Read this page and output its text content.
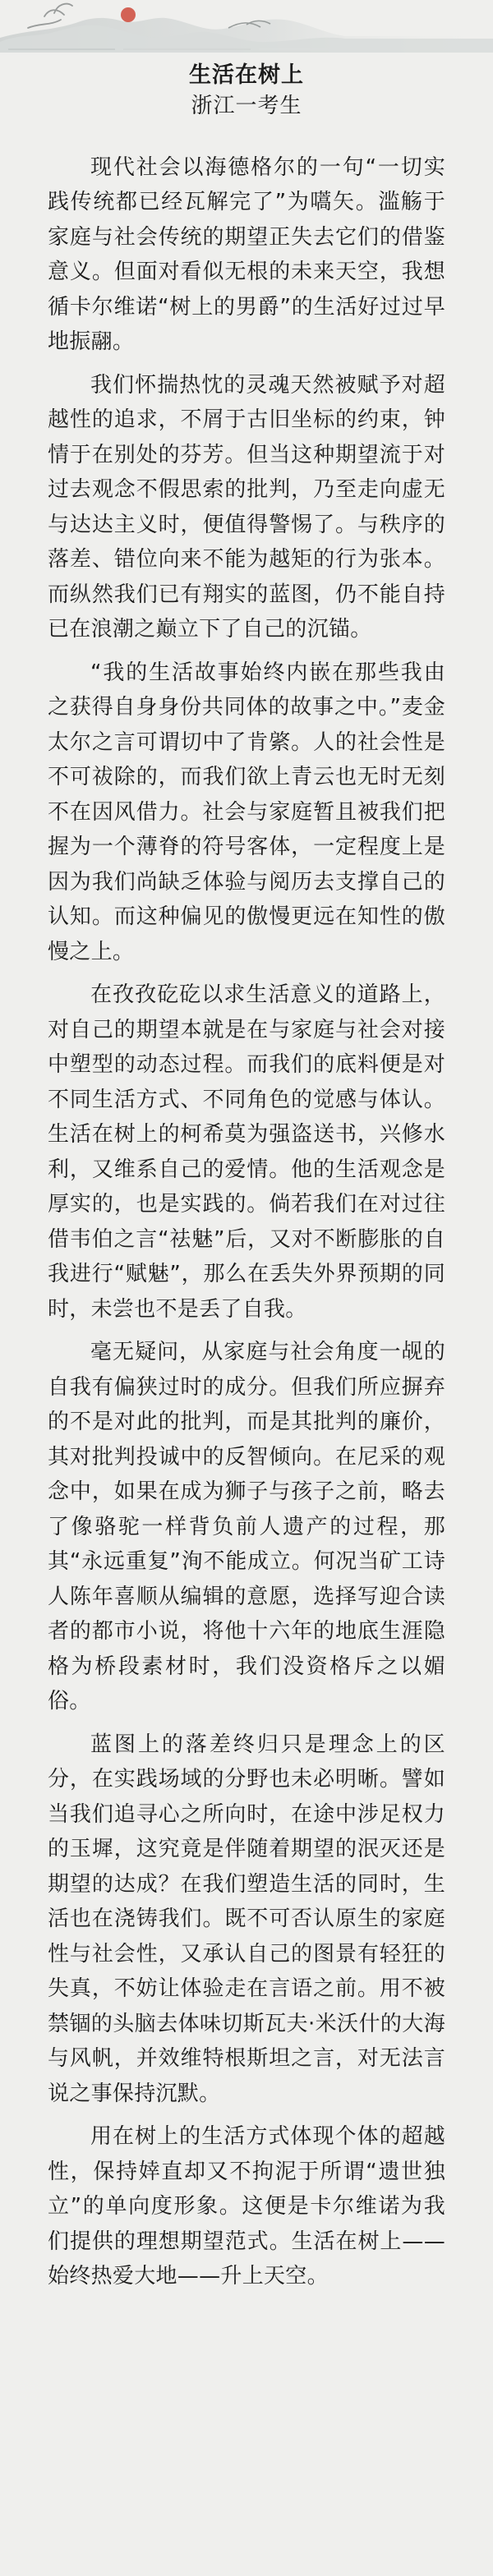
生活在树上
浙江一考生

现代社会以海德格尔的一句“一切实践传统都已经瓦解完了”为嚆矢。滥觞于家庭与社会传统的期望正失去它们的借鉴意义。但面对看似无根的未来天空，我想循卡尔维诺“树上的男爵”的生活好过过早地振翮。

我们怀揣热忱的灵魂天然被赋予对超越性的追求，不屑于古旧坐标的约束，钟情于在别处的芬芳。但当这种期望流于对过去观念不假思索的批判，乃至走向虚无与达达主义时，便值得警惕了。与秩序的落差、错位向来不能为越矩的行为张本。而纵然我们已有翔实的蓝图，仍不能自持已在浪潮之巅立下了自己的沉锚。

“我的生活故事始终内嵌在那些我由之获得自身身份共同体的故事之中。”麦金太尔之言可谓切中了肯綮。人的社会性是不可祓除的，而我们欲上青云也无时无刻不在因风借力。社会与家庭暂且被我们把握为一个薄脊的符号客体，一定程度上是因为我们尚缺乏体验与阅历去支撑自己的认知。而这种偏见的傲慢更远在知性的傲慢之上。

在孜孜矻矻以求生活意义的道路上，对自己的期望本就是在与家庭与社会对接中塑型的动态过程。而我们的底料便是对不同生活方式、不同角色的觉感与体认。生活在树上的柯希莫为强盗送书，兴修水利，又维系自己的爱情。他的生活观念是厚实的，也是实践的。倘若我们在对过往借韦伯之言“祛魅”后，又对不断膨胀的自我进行“赋魅”，那么在丢失外界预期的同时，未尝也不是丢了自我。

毫无疑问，从家庭与社会角度一觇的自我有偏狭过时的成分。但我们所应摒弃的不是对此的批判，而是其批判的廉价，其对批判投诚中的反智倾向。在尼采的观念中，如果在成为狮子与孩子之前，略去了像骆驼一样背负前人遗产的过程，那其“永远重复”洵不能成立。何况当矿工诗人陈年喜顺从编辑的意愿，选择写迎合读者的都市小说，将他十六年的地底生涯隐格为桥段素材时，我们没资格斥之以媚俗。

蓝图上的落差终归只是理念上的区分，在实践场域的分野也未必明晰。譬如当我们追寻心之所向时，在途中涉足权力的玉墀，这究竟是伴随着期望的泯灭还是期望的达成？在我们塑造生活的同时，生活也在浇铸我们。既不可否认原生的家庭性与社会性，又承认自己的图景有轻狂的失真，不妨让体验走在言语之前。用不被禁锢的头脑去体味切斯瓦夫·米沃什的大海与风帆，并效维特根斯坦之言，对无法言说之事保持沉默。

用在树上的生活方式体现个体的超越性，保持婞直却又不拘泥于所谓“遗世独立”的单向度形象。这便是卡尔维诺为我们提供的理想期望范式。生活在树上——始终热爱大地——升上天空。
